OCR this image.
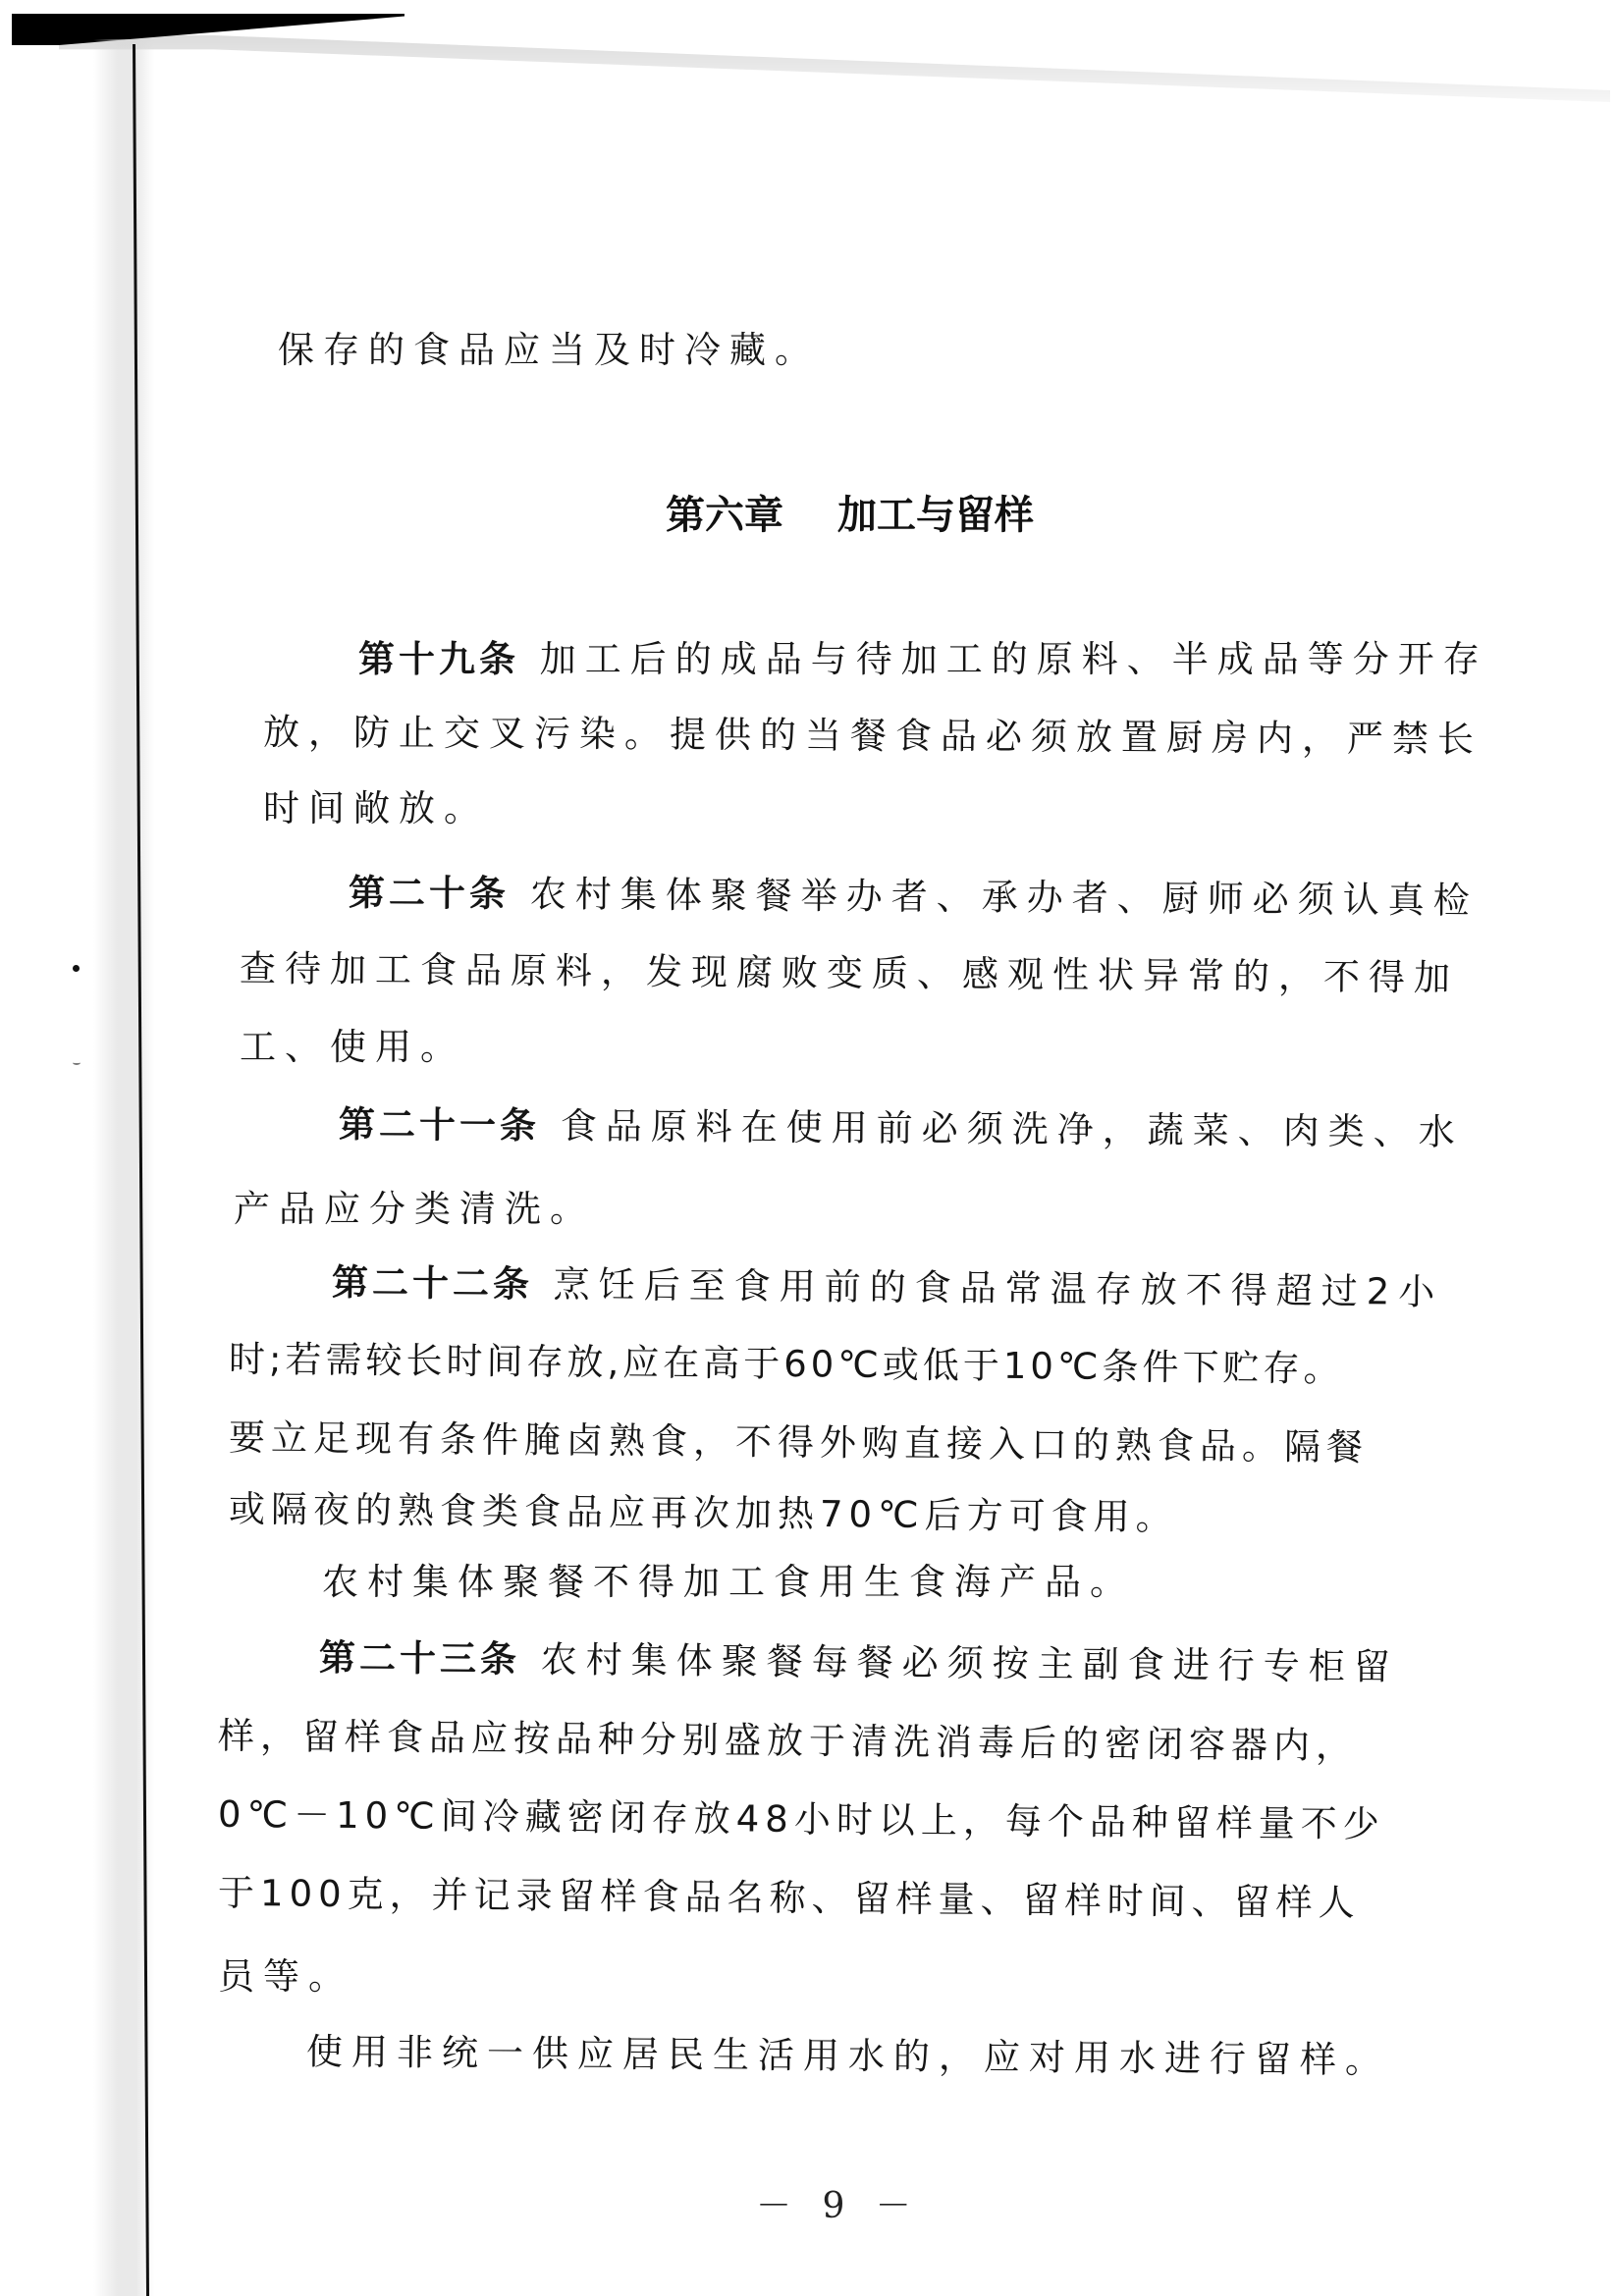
保存的食品应当及时冷藏。
第六章 加工与留样
第十九条 加工后的成品与待加工的原料、半成品等分开存
放，防止交叉污染。提供的当餐食品必须放置厨房内，严禁长
时间敞放。
第二十条 农村集体聚餐举办者、承办者、厨师必须认真检
查待加工食品原料，发现腐败变质、感观性状异常的，不得加
工、使用。
第二十一条 食品原料在使用前必须洗净，蔬菜、肉类、水
产品应分类清洗。
第二十二条 烹饪后至食用前的食品常温存放不得超过2小
时;若需较长时间存放,应在高于60℃或低于10℃条件下贮存。
要立足现有条件腌卤熟食，不得外购直接入口的熟食品。隔餐
或隔夜的熟食类食品应再次加热70℃后方可食用。
农村集体聚餐不得加工食用生食海产品。
第二十三条 农村集体聚餐每餐必须按主副食进行专柜留
样，留样食品应按品种分别盛放于清洗消毒后的密闭容器内，
0℃－10℃间冷藏密闭存放48小时以上，每个品种留样量不少
于100克，并记录留样食品名称、留样量、留样时间、留样人
员等。
使用非统一供应居民生活用水的，应对用水进行留样。
－ 9 －
